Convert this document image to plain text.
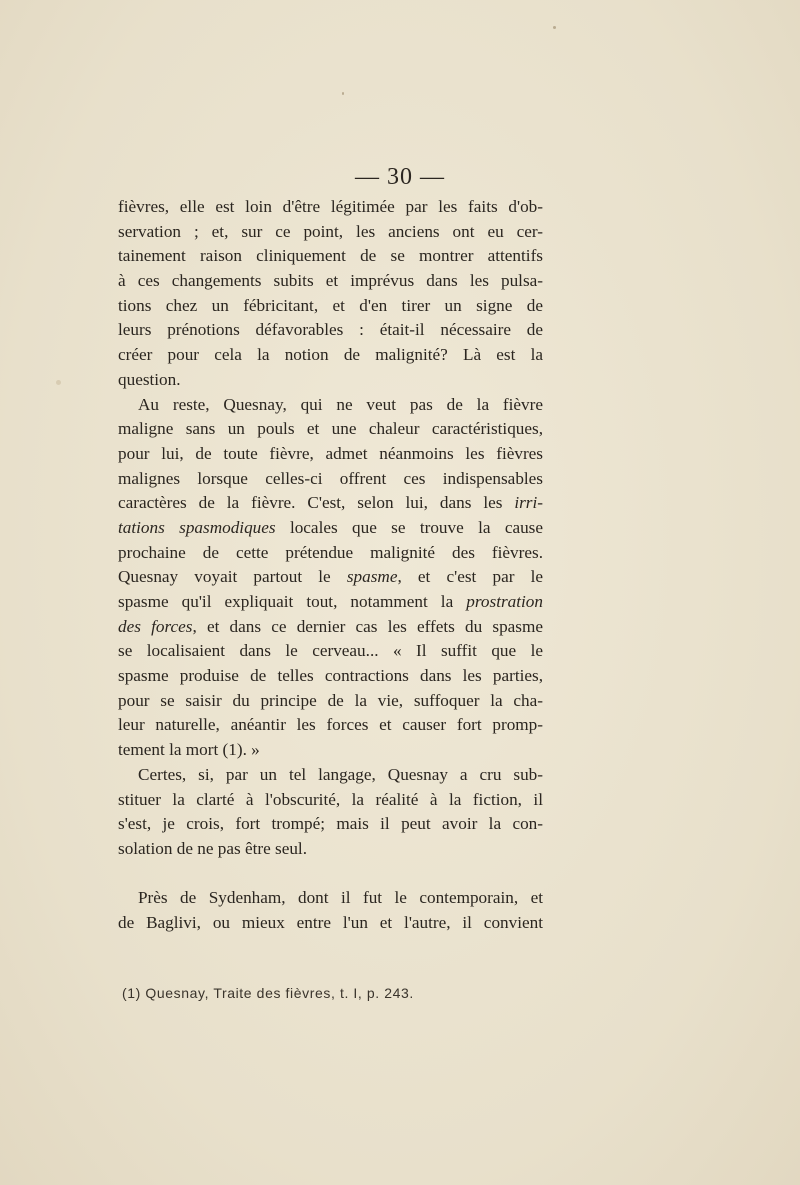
— 30 —
fièvres, elle est loin d'être légitimée par les faits d'ob-
servation ; et, sur ce point, les anciens ont eu cer-
tainement raison cliniquement de se montrer attentifs
à ces changements subits et imprévus dans les pulsa-
tions chez un fébricitant, et d'en tirer un signe de
leurs prénotions défavorables : était-il nécessaire de
créer pour cela la notion de malignité? Là est la
question.
Au reste, Quesnay, qui ne veut pas de la fièvre
maligne sans un pouls et une chaleur caractéristiques,
pour lui, de toute fièvre, admet néanmoins les fièvres
malignes lorsque celles-ci offrent ces indispensables
caractères de la fièvre. C'est, selon lui, dans les irri-
tations spasmodiques locales que se trouve la cause
prochaine de cette prétendue malignité des fièvres.
Quesnay voyait partout le spasme, et c'est par le
spasme qu'il expliquait tout, notamment la prostration
des forces, et dans ce dernier cas les effets du spasme
se localisaient dans le cerveau... « Il suffit que le
spasme produise de telles contractions dans les parties,
pour se saisir du principe de la vie, suffoquer la cha-
leur naturelle, anéantir les forces et causer fort promp-
tement la mort (1). »
Certes, si, par un tel langage, Quesnay a cru sub-
stituer la clarté à l'obscurité, la réalité à la fiction, il
s'est, je crois, fort trompé; mais il peut avoir la con-
solation de ne pas être seul.
Près de Sydenham, dont il fut le contemporain, et
de Baglivi, ou mieux entre l'un et l'autre, il convient
(1) Quesnay, Traite des fièvres, t. I, p. 243.
